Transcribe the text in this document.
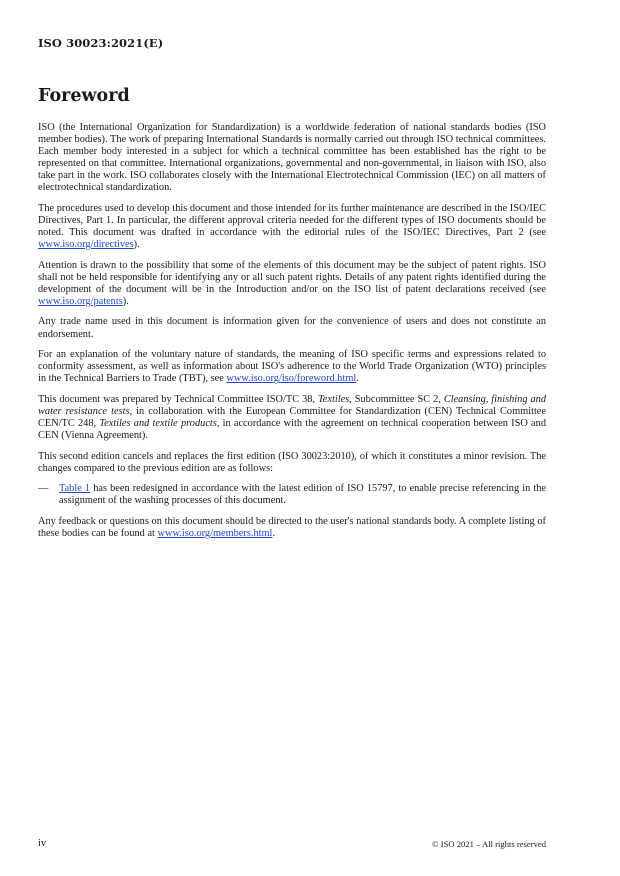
ISO 30023:2021(E)
Foreword

ISO (the International Organization for Standardization) is a worldwide federation of national standards bodies (ISO member bodies). The work of preparing International Standards is normally carried out through ISO technical committees. Each member body interested in a subject for which a technical committee has been established has the right to be represented on that committee. International organizations, governmental and non-governmental, in liaison with ISO, also take part in the work. ISO collaborates closely with the International Electrotechnical Commission (IEC) on all matters of electrotechnical standardization.

The procedures used to develop this document and those intended for its further maintenance are described in the ISO/IEC Directives, Part 1. In particular, the different approval criteria needed for the different types of ISO documents should be noted. This document was drafted in accordance with the editorial rules of the ISO/IEC Directives, Part 2 (see www.iso.org/directives).

Attention is drawn to the possibility that some of the elements of this document may be the subject of patent rights. ISO shall not be held responsible for identifying any or all such patent rights. Details of any patent rights identified during the development of the document will be in the Introduction and/or on the ISO list of patent declarations received (see www.iso.org/patents).

Any trade name used in this document is information given for the convenience of users and does not constitute an endorsement.

For an explanation of the voluntary nature of standards, the meaning of ISO specific terms and expressions related to conformity assessment, as well as information about ISO's adherence to the World Trade Organization (WTO) principles in the Technical Barriers to Trade (TBT), see www.iso.org/iso/foreword.html.

This document was prepared by Technical Committee ISO/TC 38, Textiles, Subcommittee SC 2, Cleansing, finishing and water resistance tests, in collaboration with the European Committee for Standardization (CEN) Technical Committee CEN/TC 248, Textiles and textile products, in accordance with the agreement on technical cooperation between ISO and CEN (Vienna Agreement).

This second edition cancels and replaces the first edition (ISO 30023:2010), of which it constitutes a minor revision. The changes compared to the previous edition are as follows:

—	Table 1 has been redesigned in accordance with the latest edition of ISO 15797, to enable precise referencing in the assignment of the washing processes of this document.

Any feedback or questions on this document should be directed to the user's national standards body. A complete listing of these bodies can be found at www.iso.org/members.html.

iv	© ISO 2021 – All rights reserved
